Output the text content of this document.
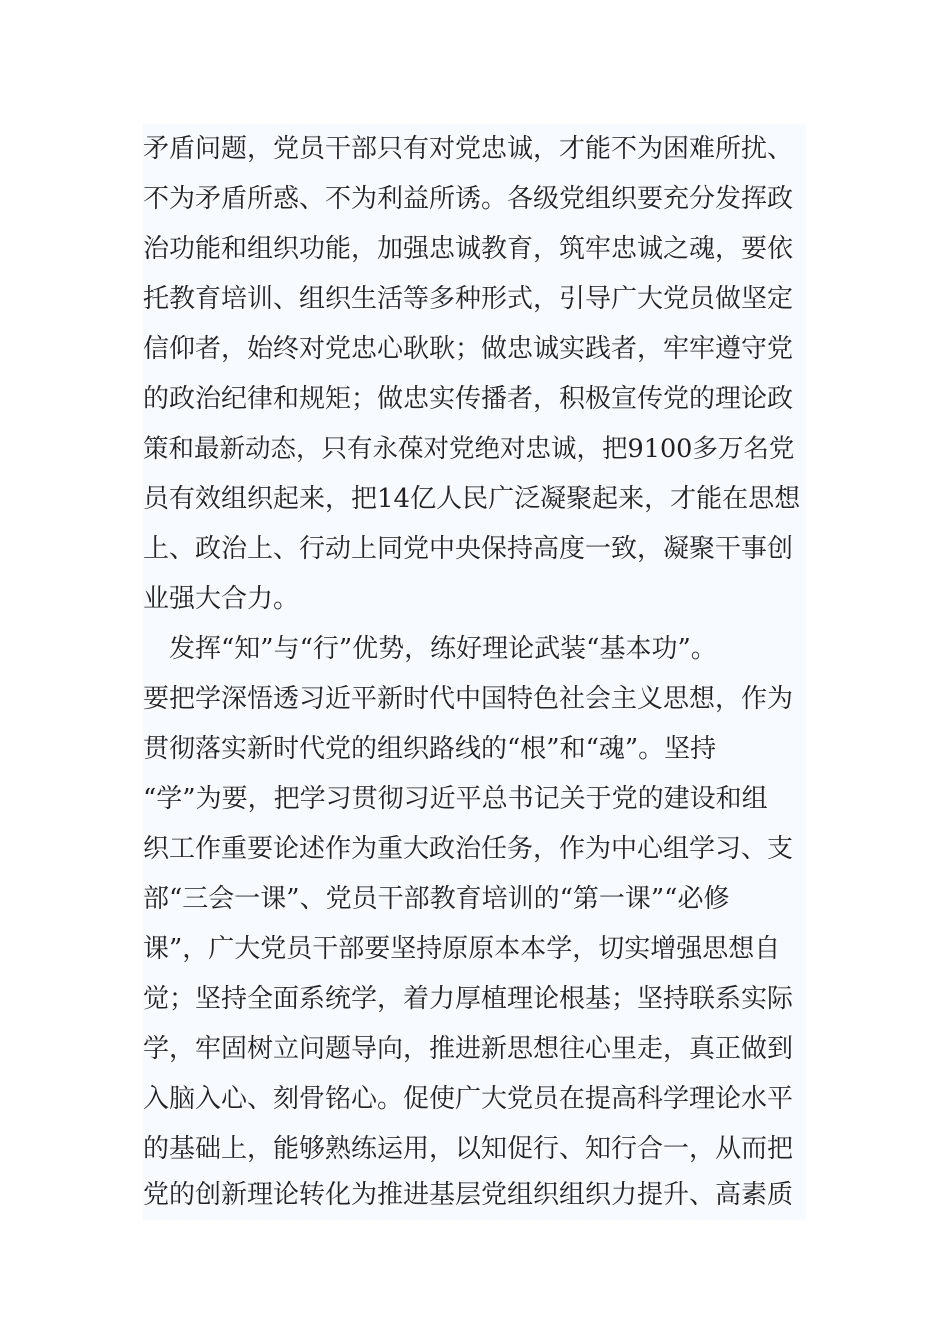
矛盾问题，党员干部只有对党忠诚，才能不为困难所扰、
不为矛盾所惑、不为利益所诱。各级党组织要充分发挥政
治功能和组织功能，加强忠诚教育，筑牢忠诚之魂，要依
托教育培训、组织生活等多种形式，引导广大党员做坚定
信仰者，始终对党忠心耿耿；做忠诚实践者，牢牢遵守党
的政治纪律和规矩；做忠实传播者，积极宣传党的理论政
策和最新动态，只有永葆对党绝对忠诚，把9100多万名党
员有效组织起来，把14亿人民广泛凝聚起来，才能在思想
上、政治上、行动上同党中央保持高度一致，凝聚干事创
业强大合力。
　发挥“知”与“行”优势，练好理论武装“基本功”。
要把学深悟透习近平新时代中国特色社会主义思想，作为
贯彻落实新时代党的组织路线的“根”和“魂”。坚持
“学”为要，把学习贯彻习近平总书记关于党的建设和组
织工作重要论述作为重大政治任务，作为中心组学习、支
部“三会一课”、党员干部教育培训的“第一课”“必修
课”，广大党员干部要坚持原原本本学，切实增强思想自
觉；坚持全面系统学，着力厚植理论根基；坚持联系实际
学，牢固树立问题导向，推进新思想往心里走，真正做到
入脑入心、刻骨铭心。促使广大党员在提高科学理论水平
的基础上，能够熟练运用，以知促行、知行合一，从而把
党的创新理论转化为推进基层党组织组织力提升、高素质
